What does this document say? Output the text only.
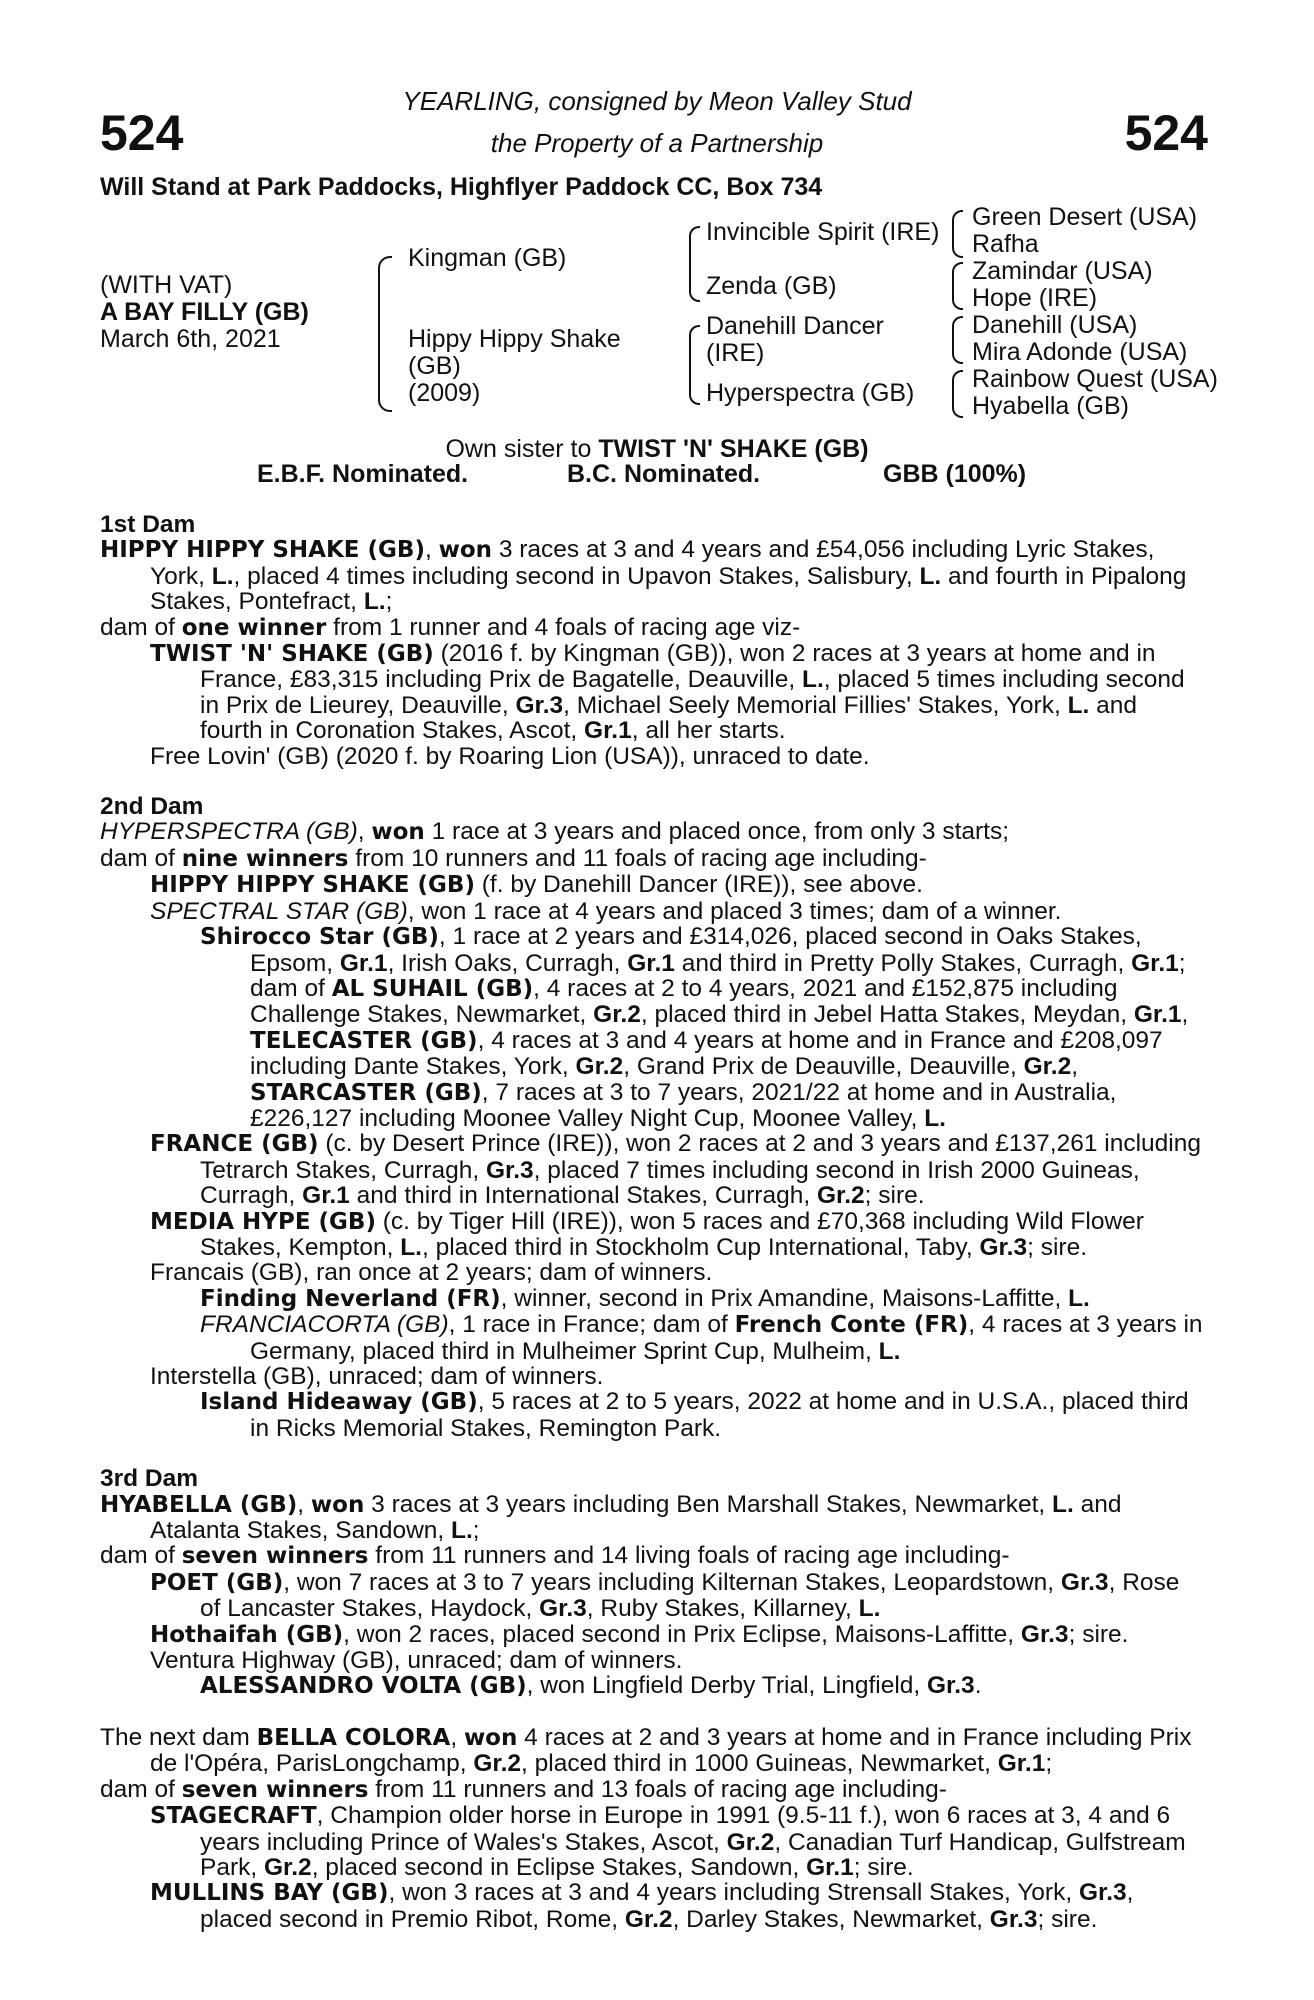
524	524
YEARLING, consigned by Meon Valley Stud
the Property of a Partnership
Will Stand at Park Paddocks, Highflyer Paddock CC, Box 734
(WITH VAT)
A BAY FILLY (GB)
March 6th, 2021
Kingman (GB)
Hippy Hippy Shake
(GB)
(2009)
Invincible Spirit (IRE)
Zenda (GB)
Danehill Dancer
(IRE)
Hyperspectra (GB)
Green Desert (USA)
Rafha
Zamindar (USA)
Hope (IRE)
Danehill (USA)
Mira Adonde (USA)
Rainbow Quest (USA)
Hyabella (GB)
Own sister to TWIST 'N' SHAKE (GB)
E.B.F. Nominated.	B.C. Nominated.	GBB (100%)
1st Dam

HIPPY HIPPY SHAKE (GB), won 3 races at 3 and 4 years and £54,056 including Lyric Stakes, York, L., placed 4 times including second in Upavon Stakes, Salisbury, L. and fourth in Pipalong Stakes, Pontefract, L.;

dam of one winner from 1 runner and 4 foals of racing age viz-

TWIST 'N' SHAKE (GB) (2016 f. by Kingman (GB)), won 2 races at 3 years at home and in France, £83,315 including Prix de Bagatelle, Deauville, L., placed 5 times including second in Prix de Lieurey, Deauville, Gr.3, Michael Seely Memorial Fillies' Stakes, York, L. and fourth in Coronation Stakes, Ascot, Gr.1, all her starts.

Free Lovin' (GB) (2020 f. by Roaring Lion (USA)), unraced to date.

2nd Dam

HYPERSPECTRA (GB), won 1 race at 3 years and placed once, from only 3 starts;

dam of nine winners from 10 runners and 11 foals of racing age including-

HIPPY HIPPY SHAKE (GB) (f. by Danehill Dancer (IRE)), see above.

SPECTRAL STAR (GB), won 1 race at 4 years and placed 3 times; dam of a winner.

Shirocco Star (GB), 1 race at 2 years and £314,026, placed second in Oaks Stakes, Epsom, Gr.1, Irish Oaks, Curragh, Gr.1 and third in Pretty Polly Stakes, Curragh, Gr.1; dam of AL SUHAIL (GB), 4 races at 2 to 4 years, 2021 and £152,875 including Challenge Stakes, Newmarket, Gr.2, placed third in Jebel Hatta Stakes, Meydan, Gr.1, TELECASTER (GB), 4 races at 3 and 4 years at home and in France and £208,097 including Dante Stakes, York, Gr.2, Grand Prix de Deauville, Deauville, Gr.2, STARCASTER (GB), 7 races at 3 to 7 years, 2021/22 at home and in Australia, £226,127 including Moonee Valley Night Cup, Moonee Valley, L.

FRANCE (GB) (c. by Desert Prince (IRE)), won 2 races at 2 and 3 years and £137,261 including Tetrarch Stakes, Curragh, Gr.3, placed 7 times including second in Irish 2000 Guineas, Curragh, Gr.1 and third in International Stakes, Curragh, Gr.2; sire.

MEDIA HYPE (GB) (c. by Tiger Hill (IRE)), won 5 races and £70,368 including Wild Flower Stakes, Kempton, L., placed third in Stockholm Cup International, Taby, Gr.3; sire.

Francais (GB), ran once at 2 years; dam of winners.

Finding Neverland (FR), winner, second in Prix Amandine, Maisons-Laffitte, L.

FRANCIACORTA (GB), 1 race in France; dam of French Conte (FR), 4 races at 3 years in Germany, placed third in Mulheimer Sprint Cup, Mulheim, L.

Interstella (GB), unraced; dam of winners.

Island Hideaway (GB), 5 races at 2 to 5 years, 2022 at home and in U.S.A., placed third in Ricks Memorial Stakes, Remington Park.

3rd Dam

HYABELLA (GB), won 3 races at 3 years including Ben Marshall Stakes, Newmarket, L. and Atalanta Stakes, Sandown, L.;

dam of seven winners from 11 runners and 14 living foals of racing age including-

POET (GB), won 7 races at 3 to 7 years including Kilternan Stakes, Leopardstown, Gr.3, Rose of Lancaster Stakes, Haydock, Gr.3, Ruby Stakes, Killarney, L.

Hothaifah (GB), won 2 races, placed second in Prix Eclipse, Maisons-Laffitte, Gr.3; sire.

Ventura Highway (GB), unraced; dam of winners.

ALESSANDRO VOLTA (GB), won Lingfield Derby Trial, Lingfield, Gr.3.

The next dam BELLA COLORA, won 4 races at 2 and 3 years at home and in France including Prix de l'Opéra, ParisLongchamp, Gr.2, placed third in 1000 Guineas, Newmarket, Gr.1;

dam of seven winners from 11 runners and 13 foals of racing age including-

STAGECRAFT, Champion older horse in Europe in 1991 (9.5-11 f.), won 6 races at 3, 4 and 6 years including Prince of Wales's Stakes, Ascot, Gr.2, Canadian Turf Handicap, Gulfstream Park, Gr.2, placed second in Eclipse Stakes, Sandown, Gr.1; sire.

MULLINS BAY (GB), won 3 races at 3 and 4 years including Strensall Stakes, York, Gr.3, placed second in Premio Ribot, Rome, Gr.2, Darley Stakes, Newmarket, Gr.3; sire.
